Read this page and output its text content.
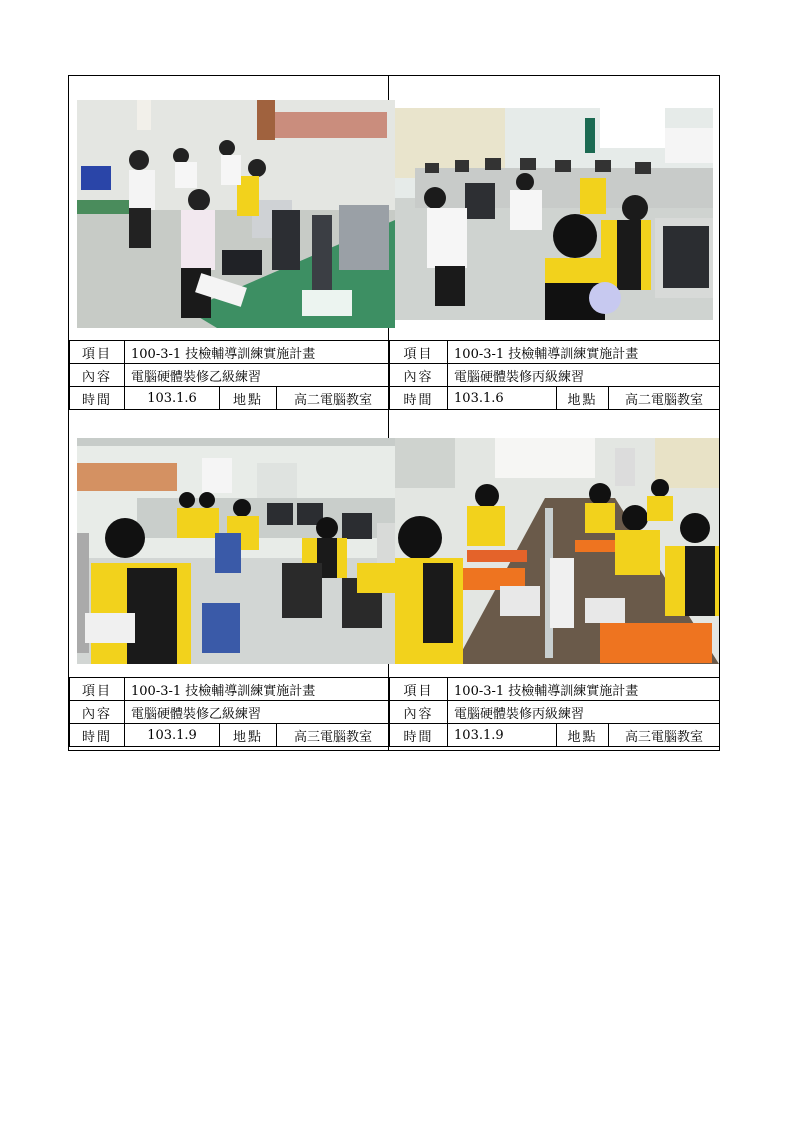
項目	100-3-1 技檢輔導訓練實施計畫			項目	100-3-1 技檢輔導訓練實施計畫		
內容	電腦硬體裝修乙級練習			內容	電腦硬體裝修丙級練習		
時間	103.1.6	地點	高二電腦教室	時間	103.1.6	地點	高二電腦教室
項目	100-3-1 技檢輔導訓練實施計畫			項目	100-3-1 技檢輔導訓練實施計畫		
內容	電腦硬體裝修乙級練習			內容	電腦硬體裝修丙級練習		
時間	103.1.9	地點	高三電腦教室	時間	103.1.9	地點	高三電腦教室
